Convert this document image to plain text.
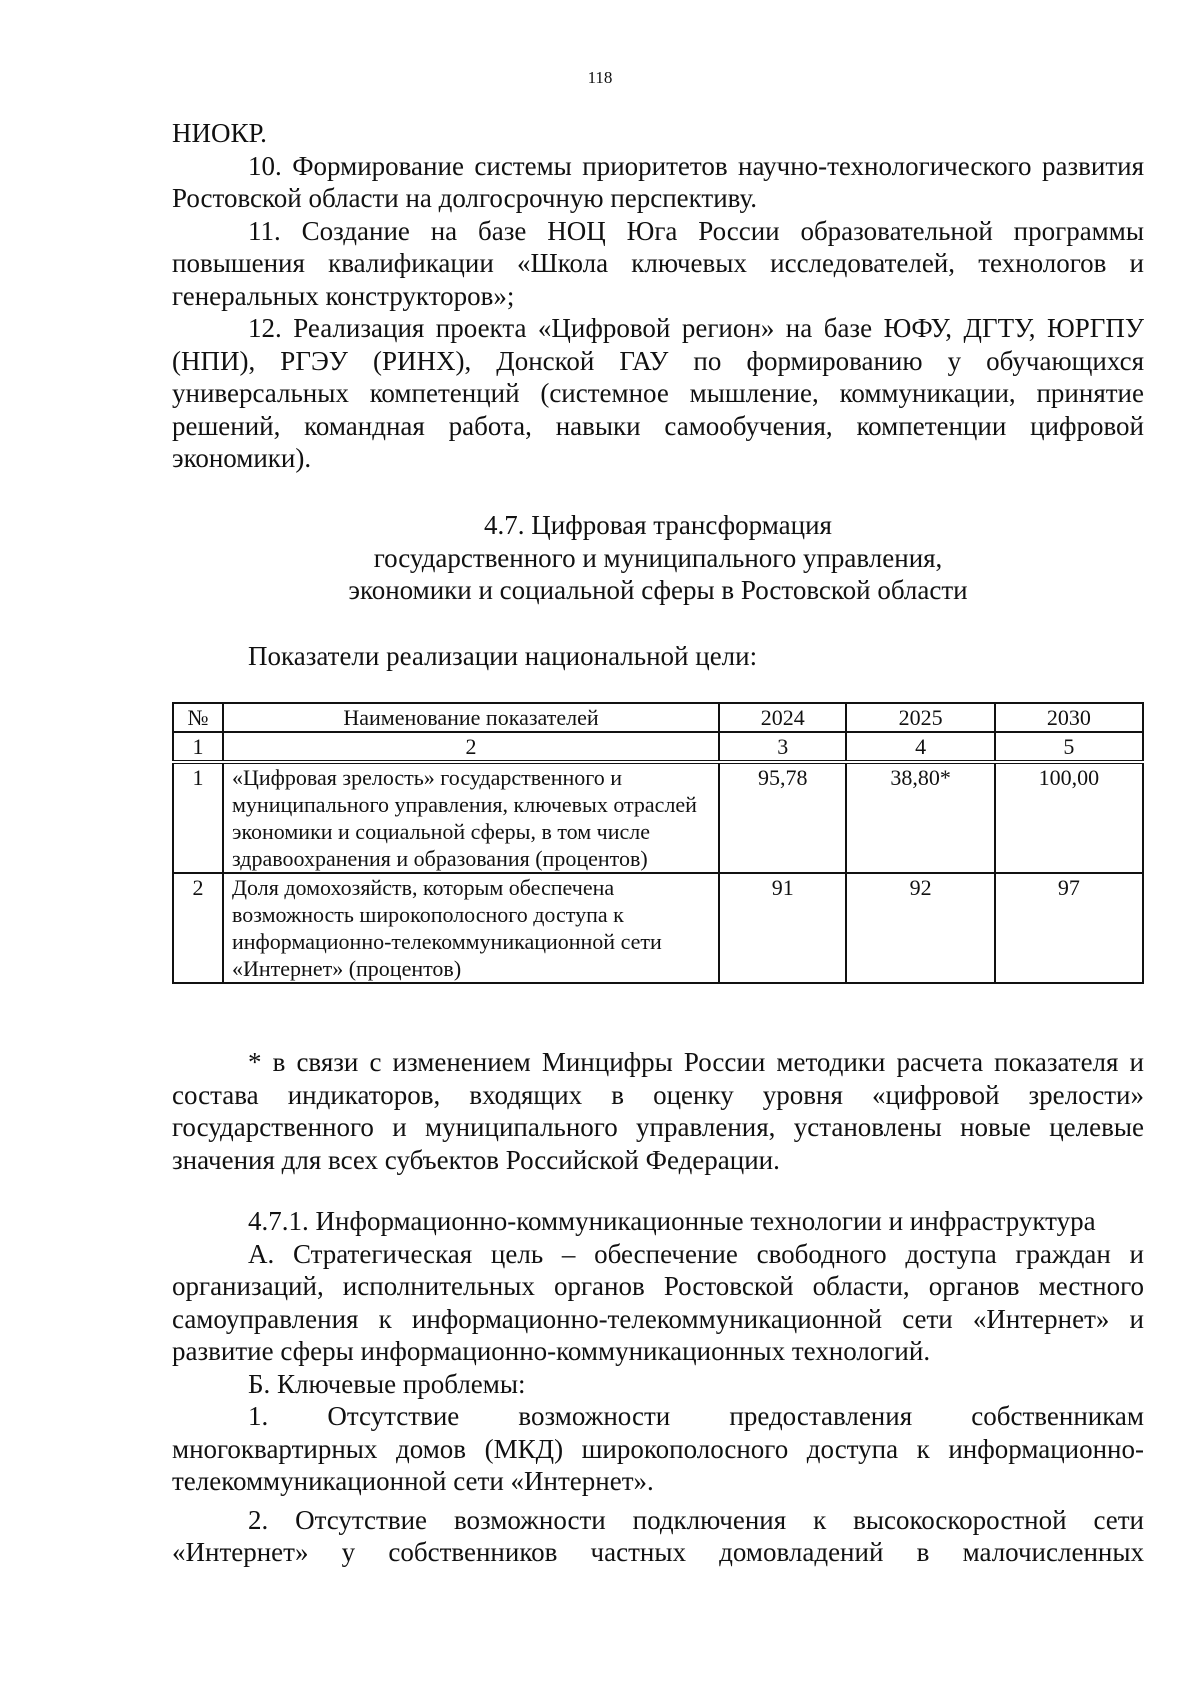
118

НИОКР.

10. Формирование системы приоритетов научно-технологического развития Ростовской области на долгосрочную перспективу.

11. Создание на базе НОЦ Юга России образовательной программы повышения квалификации «Школа ключевых исследователей, технологов и генеральных конструкторов»;

12. Реализация проекта «Цифровой регион» на базе ЮФУ, ДГТУ, ЮРГПУ (НПИ), РГЭУ (РИНХ), Донской ГАУ по формированию у обучающихся универсальных компетенций (системное мышление, коммуникации, принятие решений, командная работа, навыки самообучения, компетенции цифровой экономики).

4.7. Цифровая трансформация
государственного и муниципального управления,
экономики и социальной сферы в Ростовской области
Показатели реализации национальной цели:
№	Наименование показателей	2024	2025	2030
1	2	3	4	5
1	«Цифровая зрелость» государственного и муниципального управления, ключевых отраслей экономики и социальной сферы, в том числе здравоохранения и образования (процентов)	95,78	38,80*	100,00
2	Доля домохозяйств, которым обеспечена возможность широкополосного доступа к информационно-телекоммуникационной сети «Интернет» (процентов)	91	92	97

* в связи с изменением Минцифры России методики расчета показателя и состава индикаторов, входящих в оценку уровня «цифровой зрелости» государственного и муниципального управления, установлены новые целевые значения для всех субъектов Российской Федерации.

4.7.1. Информационно-коммуникационные технологии и инфраструктура

А. Стратегическая цель – обеспечение свободного доступа граждан и организаций, исполнительных органов Ростовской области, органов местного самоуправления к информационно-телекоммуникационной сети «Интернет» и развитие сферы информационно-коммуникационных технологий.

Б. Ключевые проблемы:

1. Отсутствие возможности предоставления собственникам многоквартирных домов (МКД) широкополосного доступа к информационно-телекоммуникационной сети «Интернет».

2. Отсутствие возможности подключения к высокоскоростной сети «Интернет» у собственников частных домовладений в малочисленных
